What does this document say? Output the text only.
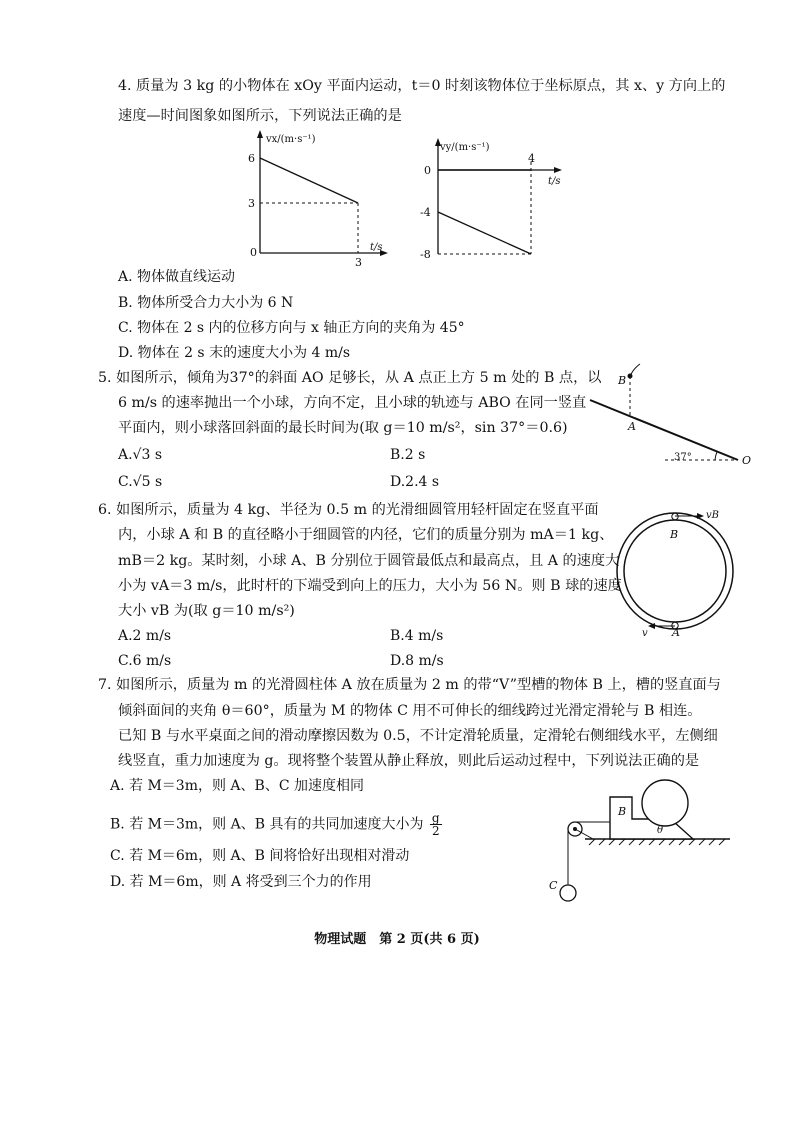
4. 质量为 3 kg 的小物体在 xOy 平面内运动，t＝0 时刻该物体位于坐标原点，其 x、y 方向上的
速度—时间图象如图所示，下列说法正确的是
vx/(m·s⁻¹)
6
3
0
3
t/s
vy/(m·s⁻¹)
0
-4
-8
4
t/s
A. 物体做直线运动
B. 物体所受合力大小为 6 N
C. 物体在 2 s 内的位移方向与 x 轴正方向的夹角为 45°
D. 物体在 2 s 末的速度大小为 4 m/s
5. 如图所示，倾角为37°的斜面 AO 足够长，从 A 点正上方 5 m 处的 B 点，以
6 m/s 的速率抛出一个小球，方向不定，且小球的轨迹与 ABO 在同一竖直
平面内，则小球落回斜面的最长时间为(取 g＝10 m/s²，sin 37°＝0.6)
A.√3 s	B.2 s
C.√5 s	D.2.4 s
B
A
O
37°
6. 如图所示，质量为 4 kg、半径为 0.5 m 的光滑细圆管用轻杆固定在竖直平面
内，小球 A 和 B 的直径略小于细圆管的内径，它们的质量分别为 mA＝1 kg、
mB＝2 kg。某时刻，小球 A、B 分别位于圆管最低点和最高点，且 A 的速度大
小为 vA＝3 m/s，此时杆的下端受到向上的压力，大小为 56 N。则 B 球的速度
大小 vB 为(取 g＝10 m/s²)
A.2 m/s	B.4 m/s
C.6 m/s	D.8 m/s
B
A
vB
v
7. 如图所示，质量为 m 的光滑圆柱体 A 放在质量为 2 m 的带“V”型槽的物体 B 上，槽的竖直面与
倾斜面间的夹角 θ＝60°，质量为 M 的物体 C 用不可伸长的细线跨过光滑定滑轮与 B 相连。
已知 B 与水平桌面之间的滑动摩擦因数为 0.5，不计定滑轮质量，定滑轮右侧细线水平，左侧细
线竖直，重力加速度为 g。现将整个装置从静止释放，则此后运动过程中，下列说法正确的是
A. 若 M＝3m，则 A、B、C 加速度相同
B. 若 M＝3m，则 A、B 具有的共同加速度大小为 $\frac{g}{2}$
C. 若 M＝6m，则 A、B 间将恰好出现相对滑动
D. 若 M＝6m，则 A 将受到三个力的作用
B
θ
C
物理试题　第 2 页(共 6 页)
